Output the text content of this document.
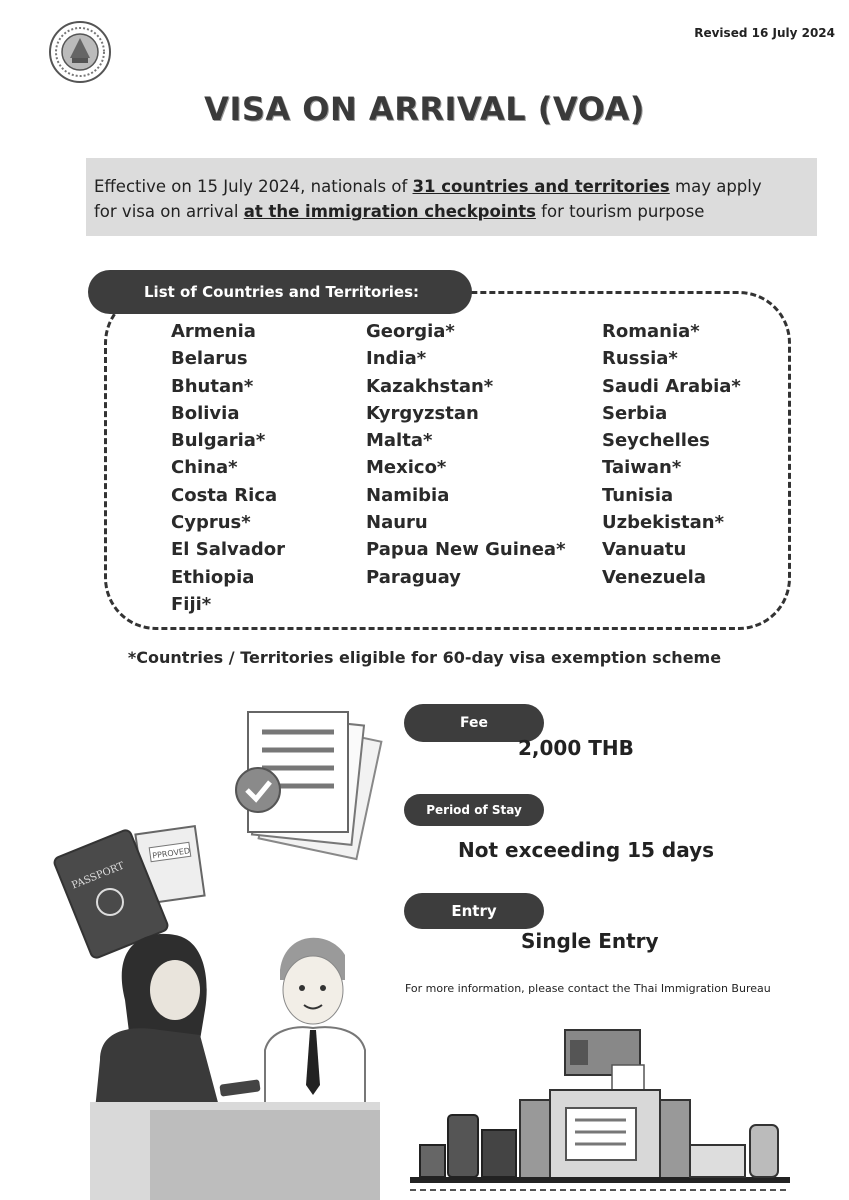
Revised 16 July 2024
VISA ON ARRIVAL (VOA)
Effective on 15 July 2024, nationals of 31 countries and territories may apply
for visa on arrival at the immigration checkpoints for tourism purpose
List of Countries and Territories:
Armenia
Belarus
Bhutan*
Bolivia
Bulgaria*
China*
Costa Rica
Cyprus*
El Salvador
Ethiopia
Fiji*
Georgia*
India*
Kazakhstan*
Kyrgyzstan
Malta*
Mexico*
Namibia
Nauru
Papua New Guinea*
Paraguay
Romania*
Russia*
Saudi Arabia*
Serbia
Seychelles
Taiwan*
Tunisia
Uzbekistan*
Vanuatu
Venezuela
*Countries / Territories eligible for 60-day visa exemption scheme
PPROVED
PASSPORT
Fee
2,000 THB
Period of Stay
Not exceeding 15 days
Entry
Single Entry
For more information, please contact the Thai Immigration Bureau
